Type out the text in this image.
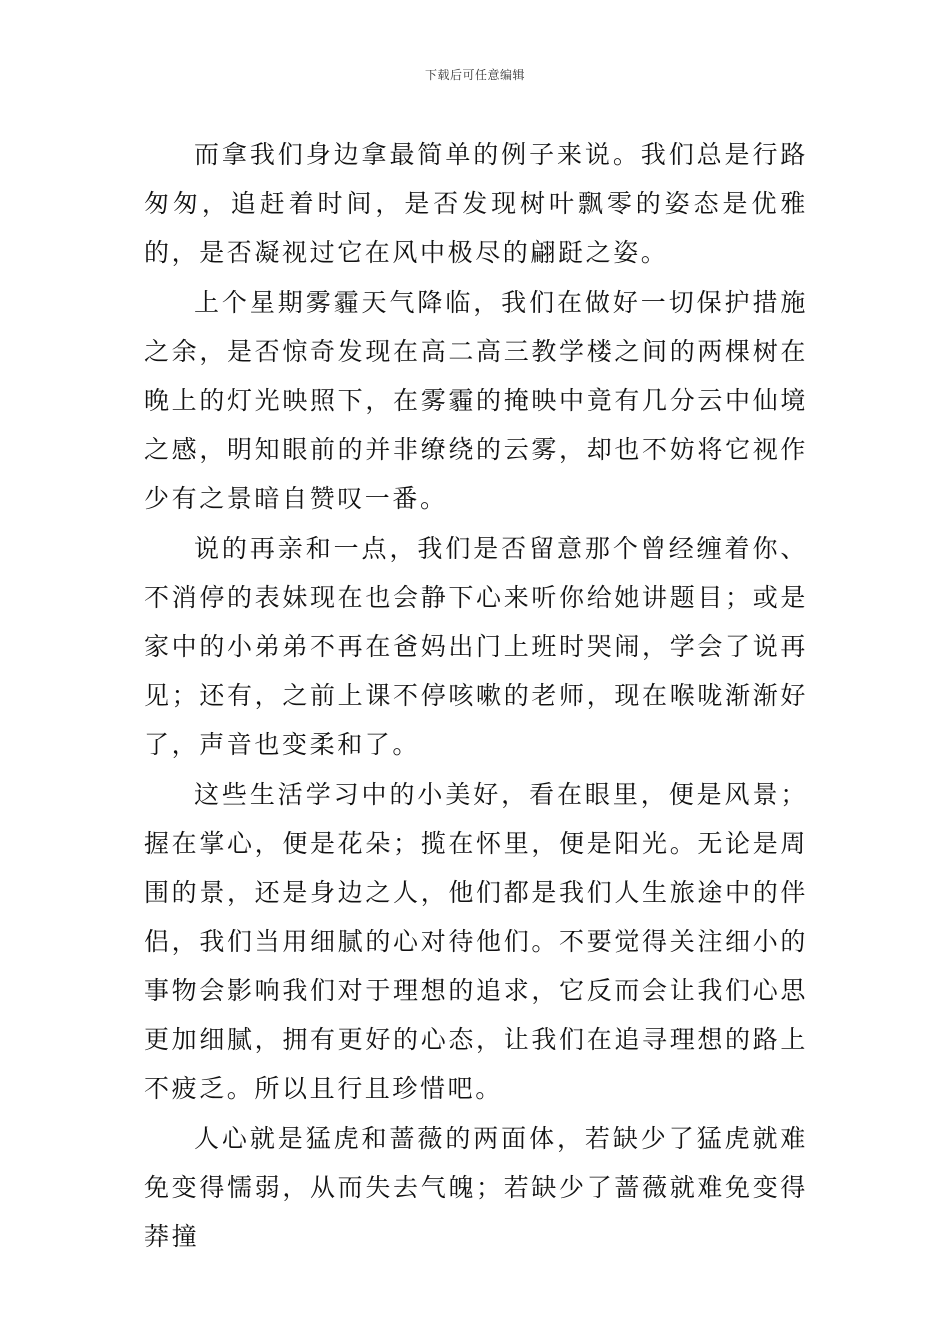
下载后可任意编辑

而拿我们身边拿最简单的例子来说。我们总是行路匆匆，追赶着时间，是否发现树叶飘零的姿态是优雅的，是否凝视过它在风中极尽的翩跹之姿。

上个星期雾霾天气降临，我们在做好一切保护措施之余，是否惊奇发现在高二高三教学楼之间的两棵树在晚上的灯光映照下，在雾霾的掩映中竟有几分云中仙境之感，明知眼前的并非缭绕的云雾，却也不妨将它视作少有之景暗自赞叹一番。

说的再亲和一点，我们是否留意那个曾经缠着你、不消停的表妹现在也会静下心来听你给她讲题目；或是家中的小弟弟不再在爸妈出门上班时哭闹，学会了说再见；还有，之前上课不停咳嗽的老师，现在喉咙渐渐好了，声音也变柔和了。

这些生活学习中的小美好，看在眼里，便是风景；握在掌心，便是花朵；揽在怀里，便是阳光。无论是周围的景，还是身边之人，他们都是我们人生旅途中的伴侣，我们当用细腻的心对待他们。不要觉得关注细小的事物会影响我们对于理想的追求，它反而会让我们心思更加细腻，拥有更好的心态，让我们在追寻理想的路上不疲乏。所以且行且珍惜吧。

人心就是猛虎和蔷薇的两面体，若缺少了猛虎就难免变得懦弱，从而失去气魄；若缺少了蔷薇就难免变得莽撞
